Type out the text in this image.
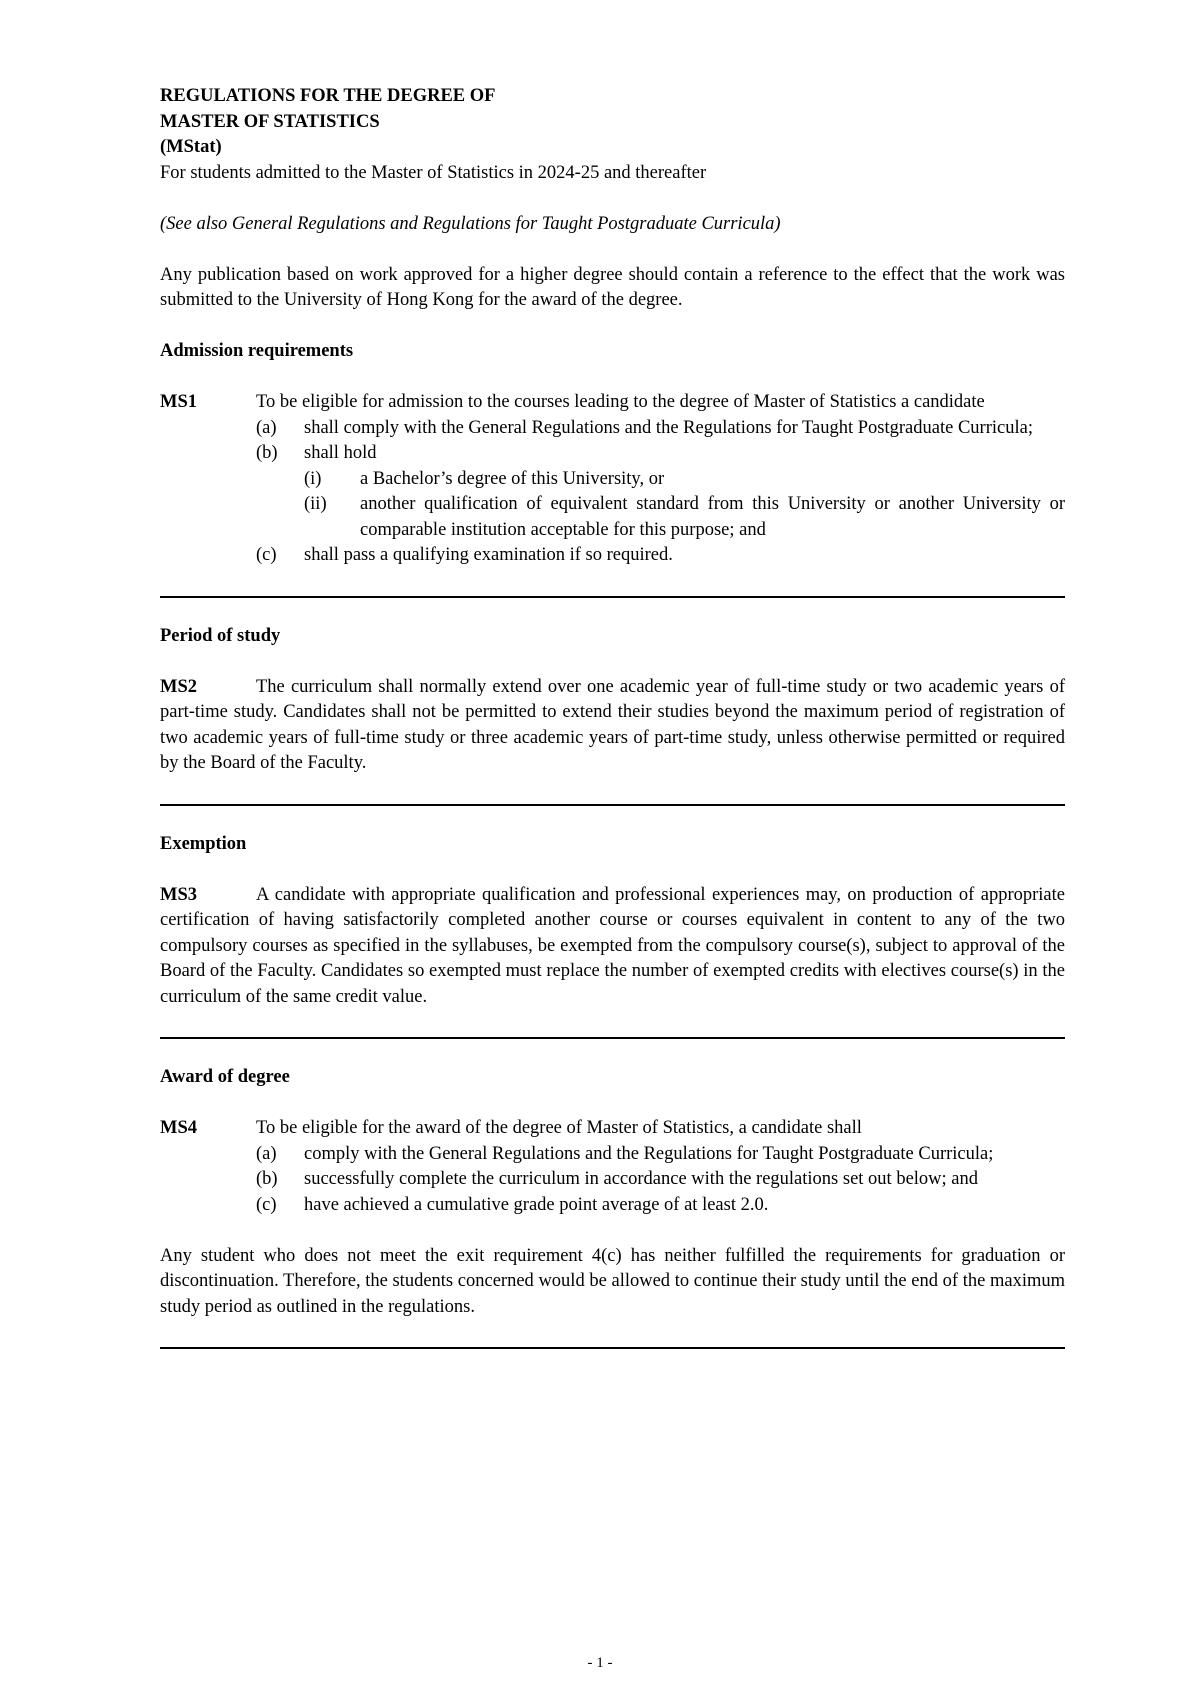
REGULATIONS FOR THE DEGREE OF

MASTER OF STATISTICS

(MStat)

For students admitted to the Master of Statistics in 2024-25 and thereafter

(See also General Regulations and Regulations for Taught Postgraduate Curricula)

Any publication based on work approved for a higher degree should contain a reference to the effect that the work was submitted to the University of Hong Kong for the award of the degree.

Admission requirements

MS1	To be eligible for admission to the courses leading to the degree of Master of Statistics a candidate

(a)	shall comply with the General Regulations and the Regulations for Taught Postgraduate Curricula;
(b)	shall hold
(i)	a Bachelor’s degree of this University, or
(ii)	another qualification of equivalent standard from this University or another University or comparable institution acceptable for this purpose; and
(c)	shall pass a qualifying examination if so required.

Period of study

MS2	The curriculum shall normally extend over one academic year of full-time study or two academic years of part-time study. Candidates shall not be permitted to extend their studies beyond the maximum period of registration of two academic years of full-time study or three academic years of part-time study, unless otherwise permitted or required by the Board of the Faculty.

Exemption

MS3	A candidate with appropriate qualification and professional experiences may, on production of appropriate certification of having satisfactorily completed another course or courses equivalent in content to any of the two compulsory courses as specified in the syllabuses, be exempted from the compulsory course(s), subject to approval of the Board of the Faculty. Candidates so exempted must replace the number of exempted credits with electives course(s) in the curriculum of the same credit value.

Award of degree

MS4	To be eligible for the award of the degree of Master of Statistics, a candidate shall

(a)	comply with the General Regulations and the Regulations for Taught Postgraduate Curricula;
(b)	successfully complete the curriculum in accordance with the regulations set out below; and
(c)	have achieved a cumulative grade point average of at least 2.0.

Any student who does not meet the exit requirement 4(c) has neither fulfilled the requirements for graduation or discontinuation. Therefore, the students concerned would be allowed to continue their study until the end of the maximum study period as outlined in the regulations.

- 1 -
